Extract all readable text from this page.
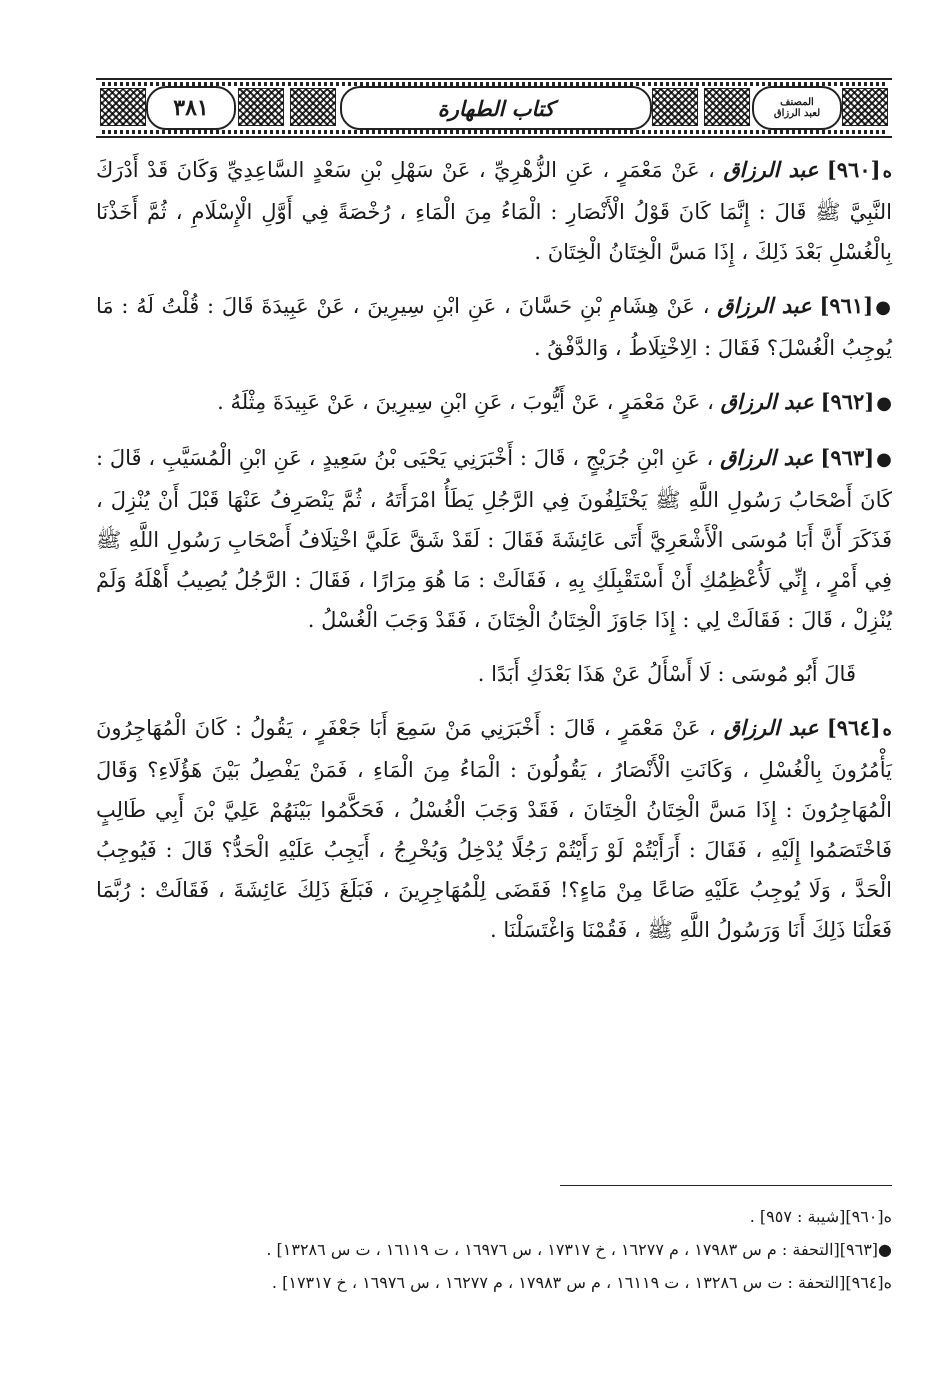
٣٨١	كتاب الطهارة	المصنف
لعبد الرزاق

ه[٩٦٠] عبد الرزاق ، عَنْ مَعْمَرٍ ، عَنِ الزُّهْرِيِّ ، عَنْ سَهْلِ بْنِ سَعْدٍ السَّاعِدِيِّ وَكَانَ قَدْ أَدْرَكَ النَّبِيَّ ﷺ قَالَ : إِنَّمَا كَانَ قَوْلُ الْأَنْصَارِ : الْمَاءُ مِنَ الْمَاءِ ، رُخْصَةً فِي أَوَّلِ الْإِسْلَامِ ، ثُمَّ أَخَذْنَا بِالْغُسْلِ بَعْدَ ذَلِكَ ، إِذَا مَسَّ الْخِتَانُ الْخِتَانَ .

●[٩٦١] عبد الرزاق ، عَنْ هِشَامِ بْنِ حَسَّانَ ، عَنِ ابْنِ سِيرِينَ ، عَنْ عَبِيدَةَ قَالَ : قُلْتُ لَهُ : مَا يُوجِبُ الْغُسْلَ؟ فَقَالَ : الِاخْتِلَاطُ ، وَالدَّفْقُ .

●[٩٦٢] عبد الرزاق ، عَنْ مَعْمَرٍ ، عَنْ أَيُّوبَ ، عَنِ ابْنِ سِيرِينَ ، عَنْ عَبِيدَةَ مِثْلَهُ .

●[٩٦٣] عبد الرزاق ، عَنِ ابْنِ جُرَيْجٍ ، قَالَ : أَخْبَرَنِي يَحْيَى بْنُ سَعِيدٍ ، عَنِ ابْنِ الْمُسَيَّبِ ، قَالَ : كَانَ أَصْحَابُ رَسُولِ اللَّهِ ﷺ يَخْتَلِفُونَ فِي الرَّجُلِ يَطَأُ امْرَأَتَهُ ، ثُمَّ يَنْصَرِفُ عَنْهَا قَبْلَ أَنْ يُنْزِلَ ، فَذَكَرَ أَنَّ أَبَا مُوسَى الْأَشْعَرِيَّ أَتَى عَائِشَةَ فَقَالَ : لَقَدْ شَقَّ عَلَيَّ اخْتِلَافُ أَصْحَابِ رَسُولِ اللَّهِ ﷺ فِي أَمْرٍ ، إِنِّي لَأُعْظِمُكِ أَنْ أَسْتَقْبِلَكِ بِهِ ، فَقَالَتْ : مَا هُوَ مِرَارًا ، فَقَالَ : الرَّجُلُ يُصِيبُ أَهْلَهُ وَلَمْ يُنْزِلْ ، قَالَ : فَقَالَتْ لِي : إِذَا جَاوَزَ الْخِتَانُ الْخِتَانَ ، فَقَدْ وَجَبَ الْغُسْلُ .

قَالَ أَبُو مُوسَى : لَا أَسْأَلُ عَنْ هَذَا بَعْدَكِ أَبَدًا .

ه[٩٦٤] عبد الرزاق ، عَنْ مَعْمَرٍ ، قَالَ : أَخْبَرَنِي مَنْ سَمِعَ أَبَا جَعْفَرٍ ، يَقُولُ : كَانَ الْمُهَاجِرُونَ يَأْمُرُونَ بِالْغُسْلِ ، وَكَانَتِ الْأَنْصَارُ ، يَقُولُونَ : الْمَاءُ مِنَ الْمَاءِ ، فَمَنْ يَفْصِلُ بَيْنَ هَؤُلَاءِ؟ وَقَالَ الْمُهَاجِرُونَ : إِذَا مَسَّ الْخِتَانُ الْخِتَانَ ، فَقَدْ وَجَبَ الْغُسْلُ ، فَحَكَّمُوا بَيْنَهُمْ عَلِيَّ بْنَ أَبِي طَالِبٍ فَاخْتَصَمُوا إِلَيْهِ ، فَقَالَ : أَرَأَيْتُمْ لَوْ رَأَيْتُمْ رَجُلًا يُدْخِلُ وَيُخْرِجُ ، أَيَجِبُ عَلَيْهِ الْحَدُّ؟ قَالَ : فَيُوجِبُ الْحَدَّ ، وَلَا يُوجِبُ عَلَيْهِ صَاعًا مِنْ مَاءٍ؟! فَقَضَى لِلْمُهَاجِرِينَ ، فَبَلَغَ ذَلِكَ عَائِشَةَ ، فَقَالَتْ : رُبَّمَا فَعَلْنَا ذَلِكَ أَنَا وَرَسُولُ اللَّهِ ﷺ ، فَقُمْنَا وَاغْتَسَلْنَا .

ه[٩٦٠][شيبة : ٩٥٧] .
●[٩٦٣][التحفة : م س ١٧٩٨٣ ، م ١٦٢٧٧ ، خ ١٧٣١٧ ، س ١٦٩٧٦ ، ت ١٦١١٩ ، ت س ١٣٢٨٦] .
ه[٩٦٤][التحفة : ت س ١٣٢٨٦ ، ت ١٦١١٩ ، م س ١٧٩٨٣ ، م ١٦٢٧٧ ، س ١٦٩٧٦ ، خ ١٧٣١٧] .
